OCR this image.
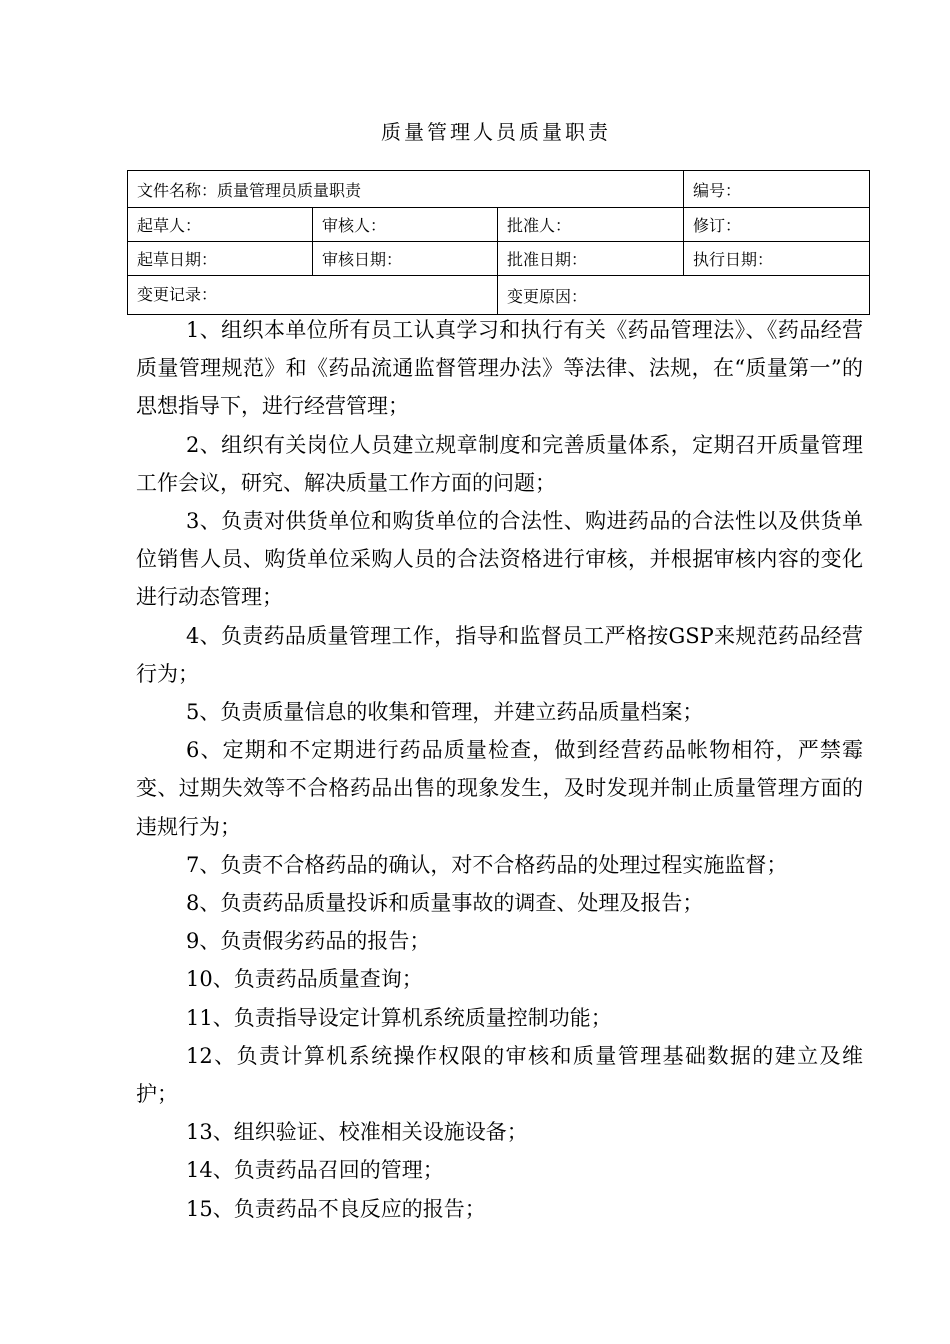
质量管理人员质量职责
文件名称：质量管理员质量职责			编号：
起草人：	审核人：	批准人：	修订：
起草日期：	审核日期：	批准日期：	执行日期：
变更记录：		变更原因：	

1、组织本单位所有员工认真学习和执行有关《药品管理法》、《药品经营质量管理规范》和《药品流通监督管理办法》等法律、法规，在“质量第一”的思想指导下，进行经营管理；

2、组织有关岗位人员建立规章制度和完善质量体系，定期召开质量管理工作会议，研究、解决质量工作方面的问题；

3、负责对供货单位和购货单位的合法性、购进药品的合法性以及供货单位销售人员、购货单位采购人员的合法资格进行审核，并根据审核内容的变化进行动态管理；

4、负责药品质量管理工作，指导和监督员工严格按GSP来规范药品经营行为；

5、负责质量信息的收集和管理，并建立药品质量档案；

6、定期和不定期进行药品质量检查，做到经营药品帐物相符，严禁霉变、过期失效等不合格药品出售的现象发生，及时发现并制止质量管理方面的违规行为；

7、负责不合格药品的确认，对不合格药品的处理过程实施监督；

8、负责药品质量投诉和质量事故的调查、处理及报告；

9、负责假劣药品的报告；

10、负责药品质量查询；

11、负责指导设定计算机系统质量控制功能；

12、负责计算机系统操作权限的审核和质量管理基础数据的建立及维护；

13、组织验证、校准相关设施设备；

14、负责药品召回的管理；

15、负责药品不良反应的报告；
